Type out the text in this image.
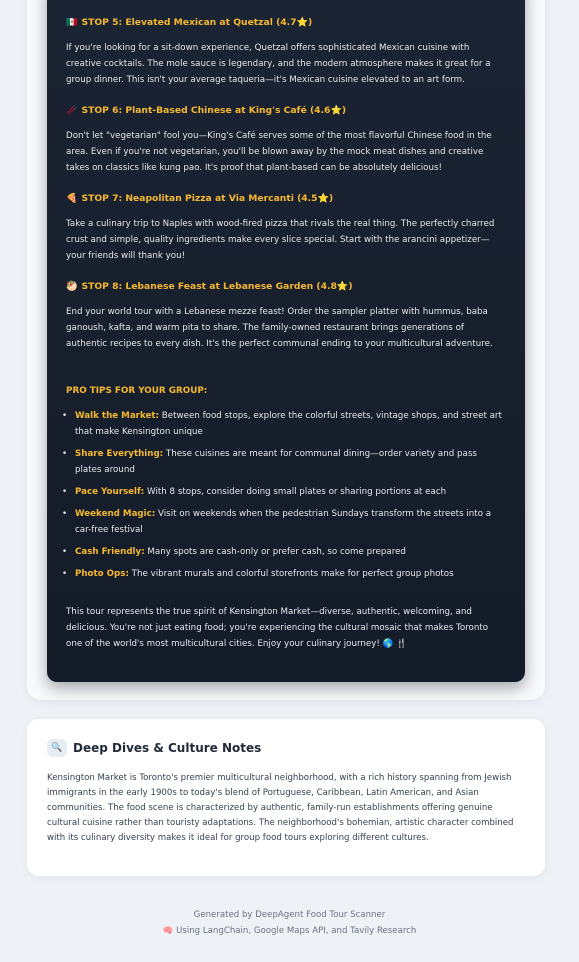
🇲🇽 STOP 5: Elevated Mexican at Quetzal (4.7⭐)

If you're looking for a sit-down experience, Quetzal offers sophisticated Mexican cuisine with creative cocktails. The mole sauce is legendary, and the modern atmosphere makes it great for a group dinner. This isn't your average taqueria—it's Mexican cuisine elevated to an art form.

🥢 STOP 6: Plant-Based Chinese at King's Café (4.6⭐)

Don't let "vegetarian" fool you—King's Café serves some of the most flavorful Chinese food in the area. Even if you're not vegetarian, you'll be blown away by the mock meat dishes and creative takes on classics like kung pao. It's proof that plant-based can be absolutely delicious!

🍕 STOP 7: Neapolitan Pizza at Via Mercanti (4.5⭐)

Take a culinary trip to Naples with wood-fired pizza that rivals the real thing. The perfectly charred crust and simple, quality ingredients make every slice special. Start with the arancini appetizer—your friends will thank you!

🥙 STOP 8: Lebanese Feast at Lebanese Garden (4.8⭐)

End your world tour with a Lebanese mezze feast! Order the sampler platter with hummus, baba ganoush, kafta, and warm pita to share. The family-owned restaurant brings generations of authentic recipes to every dish. It's the perfect communal ending to your multicultural adventure.

PRO TIPS FOR YOUR GROUP:
• Walk the Market: Between food stops, explore the colorful streets, vintage shops, and street art that make Kensington unique
• Share Everything: These cuisines are meant for communal dining—order variety and pass plates around
• Pace Yourself: With 8 stops, consider doing small plates or sharing portions at each
• Weekend Magic: Visit on weekends when the pedestrian Sundays transform the streets into a car-free festival
• Cash Friendly: Many spots are cash-only or prefer cash, so come prepared
• Photo Ops: The vibrant murals and colorful storefronts make for perfect group photos

This tour represents the true spirit of Kensington Market—diverse, authentic, welcoming, and delicious. You're not just eating food; you're experiencing the cultural mosaic that makes Toronto one of the world's most multicultural cities. Enjoy your culinary journey! 🌎 🍴

🔍 Deep Dives & Culture Notes
Kensington Market is Toronto's premier multicultural neighborhood, with a rich history spanning from Jewish immigrants in the early 1900s to today's blend of Portuguese, Caribbean, Latin American, and Asian communities. The food scene is characterized by authentic, family-run establishments offering genuine cultural cuisine rather than touristy adaptations. The neighborhood's bohemian, artistic character combined with its culinary diversity makes it ideal for group food tours exploring different cultures.
Generated by DeepAgent Food Tour Scanner
🧠 Using LangChain, Google Maps API, and Tavily Research
